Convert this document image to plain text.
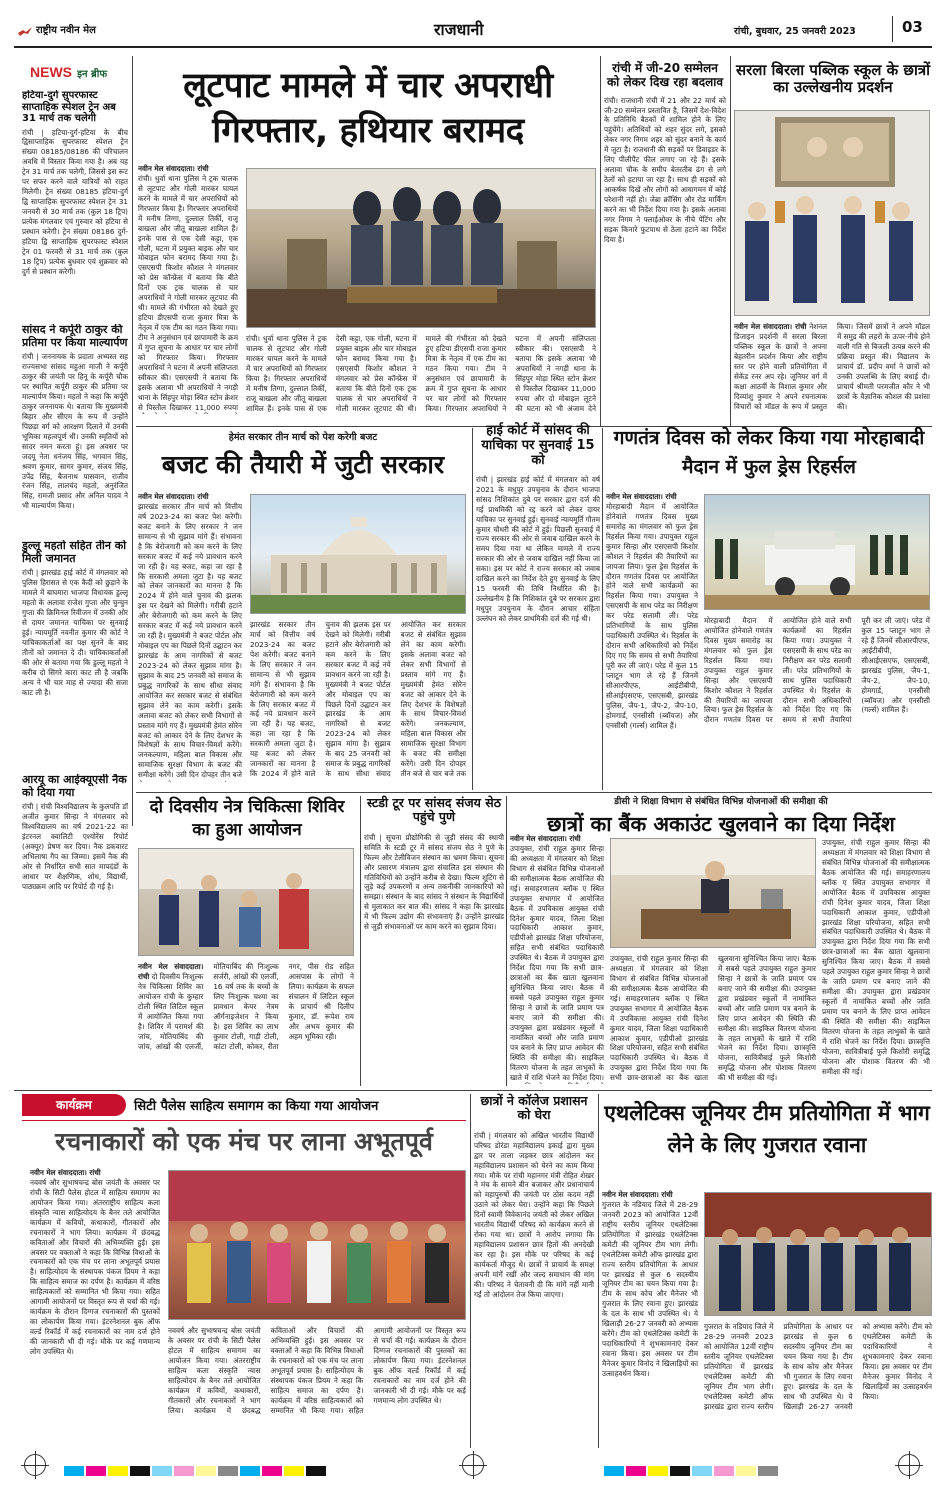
राष्ट्रीय नवीन मेल	राजधानी	रांची, बुधवार, 25 जनवरी 2023	03
NEWS इन ब्रीफ
हटिया-दुर्ग सुपरफास्ट साप्ताहिक स्पेशल ट्रेन अब 31 मार्च तक चलेगी
रांची | हटिया-दुर्ग-हटिया के बीच द्विसाप्ताहिक सुपरफास्ट स्पेशल ट्रेन संख्या 08185/08186 की परिचालन अवधि में विस्तार किया गया है। अब यह ट्रेन 31 मार्च तक चलेगी, जिससे इस रूट पर सफर करने वाले यात्रियों को राहत मिलेगी। ट्रेन संख्या 08185 हटिया-दुर्ग द्वि साप्ताहिक सुपरफास्ट स्पेशल ट्रेन 31 जनवरी से 30 मार्च तक (कुल 18 ट्रिप) प्रत्येक मंगलवार एवं गुरुवार को हटिया से प्रस्थान करेगी। ट्रेन संख्या 08186 दुर्ग-हटिया द्वि साप्ताहिक सुपरफास्ट स्पेशल ट्रेन 01 फरवरी से 31 मार्च तक (कुल 18 ट्रिप) प्रत्येक बुधवार एवं शुक्रवार को दुर्ग से प्रस्थान करेगी।
सांसद ने कर्पूरी ठाकुर की प्रतिमा पर किया माल्यार्पण
रांची | जननायक के प्रदाता अभ्यस्त सह राज्यसभा सांसद महुआ माजी ने कर्पूरी ठाकुर की जयंती पर हिनू के कर्पूरी चौक पर स्थापित कर्पूरी ठाकुर की प्रतिमा पर माल्यार्पण किया। महतो ने कहा कि कर्पूरी ठाकुर जननायक थे। बताया कि मुख्यमंत्री बिहार और सीएम के रूप में उन्होंने पिछड़ा वर्ग को आरक्षण दिलाने में उनकी भूमिका महत्वपूर्ण थी। उनकी स्मृतियों को सादर नमन करता हूं। इस अवसर पर जदयू नेता धनंजय सिंह, भगवान सिंह, श्रवण कुमार, सागर कुमार, संजय सिंह, उपेंद्र सिंह, बैजनाथ पासवान, राजीव रंजन सिंह, लालचंद महतो, अनुरंजित सिंह, रामजी प्रसाद और अनिल यादव ने भी माल्यार्पण किया।
डुल्लू महतो सहित तीन को मिली जमानत
रांची | झारखंड हाई कोर्ट में मंगलवार को पुलिस हिरासत से एक कैदी को छुड़ाने के मामले में बाघमारा भाजपा विधायक डुल्लू महतो के अलावा राजेश गुप्ता और चुन्चुन गुप्ता की क्रिमिनल रिवीजन में उनकी ओर से दायर जमानत याचिका पर सुनवाई हुई। न्यायमूर्ति नवनीत कुमार की कोर्ट ने याचिकाकर्ताओं का पक्ष सुनने के बाद तीनों को जमानत दे दी। याचिकाकर्ताओं की ओर से बताया गया कि डुल्लू महतो ने करीब दो सिगरे कारा काट ली है जबकि अन्य ने भी चार माह से ज्यादा की सजा काट ली है।
आरयू का आईक्यूएसी नैक को दिया गया
रांची | रांची विश्वविद्यालय के कुलपति डॉ अजीत कुमार सिन्हा ने मंगलवार को विश्वविद्यालय का वर्ष 2021-22 का इंटरनल क्वालिटी एश्योरेंस रिपोर्ट (अक्यूर) प्रेषण कर दिया। नैक डकवारट अभिलाषा गैप का जिम्मा। इसमें नैक की ओर से निर्धारित सभी सात मापदंडों के आधार पर शैक्षणिक, शोध, विद्यार्थी, पाठ्यक्रम आदि पर रिपोर्ट दी गई है।
लूटपाट मामले में चार अपराधी गिरफ्तार, हथियार बरामद
नवीन मेल संवाददाता। रांची
रांची। धुर्वा थाना पुलिस ने ट्रक चालक से लूटपाट और गोली मारकर घायल करने के मामले में चार अपराधियों को गिरफ्तार किया है। गिरफ्तार अपराधियों में मनीष तिग्गा, दुल्लाल तिर्की, राजू बाखला और जीतू बाखला शामिल हैं। इनके पास से एक देसी कट्टा, एक गोली, घटना में प्रयुक्त बाइक और चार मोबाइल फोन बरामद किया गया है। एसएसपी किशोर कौशल ने मंगलवार को प्रेस कॉन्फ्रेंस में बताया कि बीते दिनों एक ट्रक चालक से चार अपराधियों ने गोली मारकर लूटपाट की थी। मामले की गंभीरता को देखते हुए हटिया डीएसपी राजा कुमार मित्रा के नेतृत्व में एक टीम का गठन किया गया। टीम ने अनुसंधान एवं छापामारी के क्रम में गुप्त सूचना के आधार पर चार लोगों को गिरफ्तार किया। गिरफ्तार अपराधियों ने घटना में अपनी संलिप्तता स्वीकार की। एसएसपी ने बताया कि इसके अलावा भी अपराधियों ने नगड़ी थाना के सिंहपुर मोड़ा स्थित स्टोन क्रेशर से पिस्तौल दिखाकर 11,000 रुपया
रांची। धुर्वा थाना पुलिस ने ट्रक चालक से लूटपाट और गोली मारकर घायल करने के मामले में चार अपराधियों को गिरफ्तार किया है। गिरफ्तार अपराधियों में मनीष तिग्गा, दुल्लाल तिर्की, राजू बाखला और जीतू बाखला शामिल हैं। इनके पास से एक देसी कट्टा, एक गोली, घटना में प्रयुक्त बाइक और चार मोबाइल फोन बरामद किया गया है। एसएसपी किशोर कौशल ने मंगलवार को प्रेस कॉन्फ्रेंस में बताया कि बीते दिनों एक ट्रक चालक से चार अपराधियों ने गोली मारकर लूटपाट की थी। मामले की गंभीरता को देखते हुए हटिया डीएसपी राजा कुमार मित्रा के नेतृत्व में एक टीम का गठन किया गया। टीम ने अनुसंधान एवं छापामारी के क्रम में गुप्त सूचना के आधार पर चार लोगों को गिरफ्तार किया। गिरफ्तार अपराधियों ने घटना में अपनी संलिप्तता स्वीकार की। एसएसपी ने बताया कि इसके अलावा भी अपराधियों ने नगड़ी थाना के सिंहपुर मोड़ा स्थित स्टोन क्रेशर से पिस्तौल दिखाकर 11,000 रुपया और दो मोबाइल लूटने की घटना को भी अंजाम देने
रांची में जी-20 सम्मेलन को लेकर दिख रहा बदलाव
रांची। राजधानी रांची में 21 और 22 मार्च को जी-20 सम्मेलन प्रस्तावित है, जिसमें देश-विदेश के प्रतिनिधि बैठकों में शामिल होने के लिए पहुंचेंगे। अतिथियों को शहर सुंदर लगे, इसको लेकर नगर निगम शहर को सुंदर बनाने के कार्य में जुटा है। राजधानी की सड़कों पर डिवाइडर के लिए पीलीपैंट फील लगाए जा रहे हैं। इसके अलावा चौक के समीप बेतरतीब ढंग से लगे ठेलों को हटाया जा रहा है। साथ ही सड़कों को आकर्षक दिखें और लोगों को आवागमन में कोई परेशानी नहीं हो। जेब्रा क्रॉसिंग और रोड मार्किंग करने का भी निर्देश दिया गया है। इसके अलावा नगर निगम ने फ्लाईओवर के नीचे पेंटिंग और सड़क किनारे फुटपाथ से ठेला हटाने का निर्देश दिया है।
सरला बिरला पब्लिक स्कूल के छात्रों का उल्लेखनीय प्रदर्शन
नवीन मेल संवाददाता। रांची नेशनल डिजाइन प्रदर्शनी में सरला बिरला पब्लिक स्कूल के छात्रों ने अपना बेहतरीन प्रदर्शन किया और राष्ट्रीय स्तर पर होने वाली प्रतियोगिता में सेकेंड रनर अप रहे। जूनियर वर्ग में कक्षा आठवीं के विशाल कुमार और दिव्यांशु कुमार ने अपने रचनात्मक विचारों को मॉडल के रूप में प्रस्तुत किया। जिसमें छात्रों ने अपने मॉडल में समुद्र की लहरों के ऊपर-नीचे होने वाली गति से बिजली उत्पन्न करने की प्रक्रिया प्रस्तुत की। विद्यालय के प्राचार्य डॉ. प्रदीप वर्मा ने छात्रों को उनकी उपलब्धि के लिए बधाई दी। प्राचार्य श्रीमती परमजीत कौर ने भी छात्रों के वैज्ञानिक कौशल की प्रशंसा की।
हेमंत सरकार तीन मार्च को पेश करेगी बजट
बजट की तैयारी में जुटी सरकार
नवीन मेल संवाददाता। रांची
झारखंड सरकार तीन मार्च को वित्तीय वर्ष 2023-24 का बजट पेश करेगी। बजट बनाने के लिए सरकार ने जन सामान्य से भी सुझाव मांगे हैं। संभावना है कि बेरोजगारी को कम करने के लिए सरकार बजट में कई नये प्रावधान करने जा रही है। यह बजट, कहा जा रहा है कि सरकारी अमला जुटा है। यह बजट को लेकर जानकारों का मानना है कि 2024 में होने वाले चुनाव की झलक इस पर देखने को मिलेगी। गरीबी हटाने और बेरोजगारी को कम करने के लिए सरकार बजट में कई नये प्रावधान करने जा रही है। मुख्यमंत्री ने बजट पोर्टल और मोबाइल एप का पिछले दिनों उद्घाटन कर झारखंड के आम नागरिकों से बजट 2023-24 को लेकर सुझाव मांगा है। सुझाव के बाद 25 जनवरी को समाज के प्रबुद्ध नागरिकों के साथ सीधा संवाद आयोजित कर सरकार बजट से संबंधित सुझाव लेने का काम करेगी। इसके अलावा बजट को लेकर सभी विभागों से प्रस्ताव मांगे गए हैं। मुख्यमंत्री हेमंत सोरेन बजट को आकार देने के लिए देशभर के विशेषज्ञों के साथ विचार-विमर्श करेंगे। जनकल्याण, महिला बाल विकास और सामाजिक सुरक्षा विभाग के बजट की समीक्षा करेंगे। उसी दिन दोपहर तीन बजे
झारखंड सरकार तीन मार्च को वित्तीय वर्ष 2023-24 का बजट पेश करेगी। बजट बनाने के लिए सरकार ने जन सामान्य से भी सुझाव मांगे हैं। संभावना है कि बेरोजगारी को कम करने के लिए सरकार बजट में कई नये प्रावधान करने जा रही है। यह बजट, कहा जा रहा है कि सरकारी अमला जुटा है। यह बजट को लेकर जानकारों का मानना है कि 2024 में होने वाले चुनाव की झलक इस पर देखने को मिलेगी। गरीबी हटाने और बेरोजगारी को कम करने के लिए सरकार बजट में कई नये प्रावधान करने जा रही है। मुख्यमंत्री ने बजट पोर्टल और मोबाइल एप का पिछले दिनों उद्घाटन कर झारखंड के आम नागरिकों से बजट 2023-24 को लेकर सुझाव मांगा है। सुझाव के बाद 25 जनवरी को समाज के प्रबुद्ध नागरिकों के साथ सीधा संवाद आयोजित कर सरकार बजट से संबंधित सुझाव लेने का काम करेगी। इसके अलावा बजट को लेकर सभी विभागों से प्रस्ताव मांगे गए हैं। मुख्यमंत्री हेमंत सोरेन बजट को आकार देने के लिए देशभर के विशेषज्ञों के साथ विचार-विमर्श करेंगे। जनकल्याण, महिला बाल विकास और सामाजिक सुरक्षा विभाग के बजट की समीक्षा करेंगे। उसी दिन दोपहर तीन बजे से चार बजे तक
हाई कोर्ट में सांसद की याचिका पर सुनवाई 15 को
रांची | झारखंड हाई कोर्ट में मंगलवार को वर्ष 2021 के मधुपुर उपचुनाव के दौरान भाजपा सांसद निशिकांत दुबे पर सरकार द्वारा दर्ज की गई प्राथमिकी को रद्द करने को लेकर दायर याचिका पर सुनवाई हुई। सुनवाई न्यायमूर्ति गौतम कुमार चौधरी की कोर्ट में हुई। पिछली सुनवाई में राज्य सरकार की ओर से जवाब दाखिल करने के समय दिया गया था लेकिन मामले में राज्य सरकार की ओर से जवाब दाखिल नहीं किया जा सका। इस पर कोर्ट ने राज्य सरकार को जवाब दाखिल करने का निर्देश देते हुए सुनवाई के लिए 15 फरवरी की तिथि निर्धारित की है। उल्लेखनीय है कि निशिकांत दुबे पर सरकार द्वारा मधुपुर उपचुनाव के दौरान आचार संहिता उल्लंघन को लेकर प्राथमिकी दर्ज की गई थी।
गणतंत्र दिवस को लेकर किया गया मोरहाबादी मैदान में फुल ड्रेस रिहर्सल
नवीन मेल संवाददाता। रांची
मोरहाबादी मैदान में आयोजित होनेवाले गणतंत्र दिवस मुख्य समारोह का मंगलवार को फुल ड्रेस रिहर्सल किया गया। उपायुक्त राहुल कुमार सिन्हा और एसएसपी किशोर कौशल ने रिहर्सल की तैयारियों का जायजा लिया। फुल ड्रेस रिहर्सल के दौरान गणतंत्र दिवस पर आयोजित होने वाले सभी कार्यक्रमों का रिहर्सल किया गया। उपायुक्त ने एसएसपी के साथ परेड का निरीक्षण कर परेड सलामी ली। परेड प्रतिभागियों के साथ पुलिस पदाधिकारी उपस्थित थे। रिहर्सल के दौरान सभी अधिकारियों को निर्देश दिए गए कि समय से सभी तैयारियां पूरी कर ली जाएं। परेड में कुल 15 प्लाटून भाग ले रहे हैं जिनमें सीआरपीएफ, आईटीबीपी, सीआईएसएफ, एसएसबी, झारखंड पुलिस, जैप-1, जैप-2, जैप-10, होमगार्ड, एनसीसी (ब्वॉयज) और एनसीसी (गर्ल्स) शामिल हैं।
मोरहाबादी मैदान में आयोजित होनेवाले गणतंत्र दिवस मुख्य समारोह का मंगलवार को फुल ड्रेस रिहर्सल किया गया। उपायुक्त राहुल कुमार सिन्हा और एसएसपी किशोर कौशल ने रिहर्सल की तैयारियों का जायजा लिया। फुल ड्रेस रिहर्सल के दौरान गणतंत्र दिवस पर आयोजित होने वाले सभी कार्यक्रमों का रिहर्सल किया गया। उपायुक्त ने एसएसपी के साथ परेड का निरीक्षण कर परेड सलामी ली। परेड प्रतिभागियों के साथ पुलिस पदाधिकारी उपस्थित थे। रिहर्सल के दौरान सभी अधिकारियों को निर्देश दिए गए कि समय से सभी तैयारियां पूरी कर ली जाएं। परेड में कुल 15 प्लाटून भाग ले रहे हैं जिनमें सीआरपीएफ, आईटीबीपी, सीआईएसएफ, एसएसबी, झारखंड पुलिस, जैप-1, जैप-2, जैप-10, होमगार्ड, एनसीसी (ब्वॉयज) और एनसीसी (गर्ल्स) शामिल हैं।
दो दिवसीय नेत्र चिकित्सा शिविर का हुआ आयोजन
नवीन मेल संवाददाता। रांची दो दिवसीय निःशुल्क नेत्र चिकित्सा शिविर का आयोजन रांची के कुम्हार टोली स्थित लिटिल स्कूल में आयोजित किया गया है। शिविर में परामर्श की जांच, मोतियाबिंद की जांच, आंखों की एलर्जी, मोतियाबिंद की निःशुल्क सर्जरी, आंखों की एलर्जी, 16 वर्ष तक के बच्चों के लिए निःशुल्क चश्मा का प्रावधान केयर नेत्रम ऑर्गनाइजेशन ने किया है। इस शिविर का लाभ कुमार टोली, गाड़ी टोली, कांटा टोली, कोकर, रीता नगर, पीस रोड सहित आसपास के लोगों ने लिया। कार्यक्रम के सफल संचालन में लिटिल स्कूल के प्राचार्य श्री दिलीप कुमार, डॉ. रूपेश राय और अभय कुमार की अहम भूमिका रही।
स्टडी टूर पर सांसद संजय सेठ पहुंचे पुणे
रांची | सूचना प्रौद्योगिकी से जुड़ी संसद की स्थायी समिति के स्टडी टूर में सांसद संजय सेठ ने पुणे के फिल्म और टेलीविजन संस्थान का भ्रमण किया। सूचना और प्रसारण मंत्रालय द्वारा संचालित इस संस्थान की गतिविधियों को उन्होंने करीब से देखा। फिल्म शूटिंग से जुड़े कई उपकरणों व अन्य तकनीकी जानकारियों को समझा। संस्थान के बाद सांसद ने संस्थान के विद्यार्थियों से मुलाकात कर बात की। सांसद ने कहा कि झारखंड में भी फिल्म उद्योग की संभावनाएं हैं। उन्होंने झारखंड से जुड़ी संभावनाओं पर काम करने का सुझाव दिया।
डीसी ने शिक्षा विभाग से संबंधित विभिन्न योजनाओं की समीक्षा की
छात्रों का बैंक अकाउंट खुलवाने का दिया निर्देश
नवीन मेल संवाददाता। रांची
उपायुक्त, रांची राहुल कुमार सिन्हा की अध्यक्षता में मंगलवार को शिक्षा विभाग से संबंधित विभिन्न योजनाओं की समीक्षात्मक बैठक आयोजित की गई। समाहरणालय ब्लॉक ए स्थित उपायुक्त सभागार में आयोजित बैठक में उपविकास आयुक्त रांची दिनेश कुमार यादव, जिला शिक्षा पदाधिकारी आकाश कुमार, एडीपीओ झारखंड शिक्षा परियोजना, सहित सभी संबंधित पदाधिकारी उपस्थित थे। बैठक में उपायुक्त द्वारा निर्देश दिया गया कि सभी छात्र-छात्राओं का बैंक खाता खुलवाना सुनिश्चित किया जाए। बैठक में सबसे पहले उपायुक्त राहुल कुमार सिन्हा ने छात्रों के जाति प्रमाण पत्र बनाए जाने की समीक्षा की। उपायुक्त द्वारा प्रखंडवार स्कूलों में नामांकित बच्चों और जाति प्रमाण पत्र बनाने के लिए प्राप्त आवेदन की स्थिति की समीक्षा की। साइकिल वितरण योजना के तहत लाभुकों के खाते में राशि भेजने का निर्देश दिया।
उपायुक्त, रांची राहुल कुमार सिन्हा की अध्यक्षता में मंगलवार को शिक्षा विभाग से संबंधित विभिन्न योजनाओं की समीक्षात्मक बैठक आयोजित की गई। समाहरणालय ब्लॉक ए स्थित उपायुक्त सभागार में आयोजित बैठक में उपविकास आयुक्त रांची दिनेश कुमार यादव, जिला शिक्षा पदाधिकारी आकाश कुमार, एडीपीओ झारखंड शिक्षा परियोजना, सहित सभी संबंधित पदाधिकारी उपस्थित थे। बैठक में उपायुक्त द्वारा निर्देश दिया गया कि सभी छात्र-छात्राओं का बैंक खाता खुलवाना सुनिश्चित किया जाए। बैठक में सबसे पहले उपायुक्त राहुल कुमार सिन्हा ने छात्रों के जाति प्रमाण पत्र बनाए जाने की समीक्षा की। उपायुक्त द्वारा प्रखंडवार स्कूलों में नामांकित बच्चों और जाति प्रमाण पत्र बनाने के लिए प्राप्त आवेदन की स्थिति की समीक्षा की। साइकिल वितरण योजना के तहत लाभुकों के खाते में राशि भेजने का निर्देश दिया। छात्रवृत्ति योजना, सावित्रीबाई फुले किशोरी समृद्धि योजना और पोशाक वितरण की भी समीक्षा की गई।
उपायुक्त, रांची राहुल कुमार सिन्हा की अध्यक्षता में मंगलवार को शिक्षा विभाग से संबंधित विभिन्न योजनाओं की समीक्षात्मक बैठक आयोजित की गई। समाहरणालय ब्लॉक ए स्थित उपायुक्त सभागार में आयोजित बैठक में उपविकास आयुक्त रांची दिनेश कुमार यादव, जिला शिक्षा पदाधिकारी आकाश कुमार, एडीपीओ झारखंड शिक्षा परियोजना, सहित सभी संबंधित पदाधिकारी उपस्थित थे। बैठक में उपायुक्त द्वारा निर्देश दिया गया कि सभी छात्र-छात्राओं का बैंक खाता खुलवाना सुनिश्चित किया जाए। बैठक में सबसे पहले उपायुक्त राहुल कुमार सिन्हा ने छात्रों के जाति प्रमाण पत्र बनाए जाने की समीक्षा की। उपायुक्त द्वारा प्रखंडवार स्कूलों में नामांकित बच्चों और जाति प्रमाण पत्र बनाने के लिए प्राप्त आवेदन की स्थिति की समीक्षा की। साइकिल वितरण योजना के तहत लाभुकों के खाते में राशि भेजने का निर्देश दिया। छात्रवृत्ति योजना, सावित्रीबाई फुले किशोरी समृद्धि योजना और पोशाक वितरण की भी समीक्षा की गई।
कार्यक्रम	सिटी पैलेस साहित्य समागम का किया गया आयोजन
रचनाकारों को एक मंच पर लाना अभूतपूर्व
नवीन मेल संवाददाता। रांची
नववर्ष और सुभाषचन्द्र बोस जयंती के अवसर पर रांची के सिटी पैलेस होटल में साहित्य समागम का आयोजन किया गया। अंतरराष्ट्रीय साहित्य कला संस्कृति न्यास साहित्योदय के बैनर तले आयोजित कार्यक्रम में कवियों, कथाकारों, गीतकारों और रचनाकारों ने भाग लिया। कार्यक्रम में छंदबद्ध कविताओं और विचारों की अभिव्यक्ति हुई। इस अवसर पर वक्ताओं ने कहा कि विभिन्न विधाओं के रचनाकारों को एक मंच पर लाना अभूतपूर्व प्रयास है। साहित्योदय के संस्थापक पंकज प्रियम ने कहा कि साहित्य समाज का दर्पण है। कार्यक्रम में वरिष्ठ साहित्यकारों को सम्मानित भी किया गया। सहित आगामी आयोजनों पर विस्तृत रूप से चर्चा की गई। कार्यक्रम के दौरान दिग्गज रचनाकारों की पुस्तकों का लोकार्पण किया गया। इंटरनेशनल बुक ऑफ वर्ल्ड रिकॉर्ड में कई रचनाकारों का नाम दर्ज होने की जानकारी भी दी गई। मौके पर कई गणमान्य लोग उपस्थित थे।
नववर्ष और सुभाषचन्द्र बोस जयंती के अवसर पर रांची के सिटी पैलेस होटल में साहित्य समागम का आयोजन किया गया। अंतरराष्ट्रीय साहित्य कला संस्कृति न्यास साहित्योदय के बैनर तले आयोजित कार्यक्रम में कवियों, कथाकारों, गीतकारों और रचनाकारों ने भाग लिया। कार्यक्रम में छंदबद्ध कविताओं और विचारों की अभिव्यक्ति हुई। इस अवसर पर वक्ताओं ने कहा कि विभिन्न विधाओं के रचनाकारों को एक मंच पर लाना अभूतपूर्व प्रयास है। साहित्योदय के संस्थापक पंकज प्रियम ने कहा कि साहित्य समाज का दर्पण है। कार्यक्रम में वरिष्ठ साहित्यकारों को सम्मानित भी किया गया। सहित आगामी आयोजनों पर विस्तृत रूप से चर्चा की गई। कार्यक्रम के दौरान दिग्गज रचनाकारों की पुस्तकों का लोकार्पण किया गया। इंटरनेशनल बुक ऑफ वर्ल्ड रिकॉर्ड में कई रचनाकारों का नाम दर्ज होने की जानकारी भी दी गई। मौके पर कई गणमान्य लोग उपस्थित थे।
छात्रों ने कॉलेज प्रशासन को घेरा
रांची | मंगलवार को अखिल भारतीय विद्यार्थी परिषद डोरंडा महाविद्यालय इकाई द्वारा मुख्य द्वार पर ताला जड़कर छात्र आंदोलन कर महाविद्यालय प्रशासन को घेरने का काम किया गया। मौके पर रांची महानगर मंत्री रोहित शेखर ने मंच के सामने बीन बजाकर और प्रधानाचार्य को महापुरुषों की जयंती पर ठोस कदम नहीं उठाने को लेकर घेरा। उन्होंने कहा कि पिछले दिनों स्वामी विवेकानंद जयंती को लेकर अखिल भारतीय विद्यार्थी परिषद को कार्यक्रम करने से रोका गया था। छात्रों ने आरोप लगाया कि महाविद्यालय प्रशासन छात्र हितों की अनदेखी कर रहा है। इस मौके पर परिषद के कई कार्यकर्ता मौजूद थे। छात्रों ने प्राचार्य के समक्ष अपनी मांगें रखीं और जल्द समाधान की मांग की। परिषद ने चेतावनी दी कि मांगें नहीं मानी गईं तो आंदोलन तेज किया जाएगा।
एथलेटिक्स जूनियर टीम प्रतियोगिता में भाग लेने के लिए गुजरात रवाना
नवीन मेल संवाददाता। रांची
गुजरात के नडियाद जिले में 28-29 जनवरी 2023 को आयोजित 12वीं राष्ट्रीय स्तरीय जूनियर एथलेटिक्स प्रतियोगिता में झारखंड एथलेटिक्स कमेटी की जूनियर टीम भाग लेगी। एथलेटिक्स कमेटी ऑफ झारखंड द्वारा राज्य स्तरीय प्रतियोगिता के आधार पर झारखंड से कुल 6 सदस्यीय जूनियर टीम का चयन किया गया है। टीम के साथ कोच और मैनेजर भी गुजरात के लिए रवाना हुए। झारखंड के दल के साथ भी उपस्थित थे। ये खिलाड़ी 26-27 जनवरी को अभ्यास करेंगे। टीम को एथलेटिक्स कमेटी के पदाधिकारियों ने शुभकामनाएं देकर रवाना किया। इस अवसर पर टीम मैनेजर कुमार विनोद ने खिलाड़ियों का उत्साहवर्धन किया।
गुजरात के नडियाद जिले में 28-29 जनवरी 2023 को आयोजित 12वीं राष्ट्रीय स्तरीय जूनियर एथलेटिक्स प्रतियोगिता में झारखंड एथलेटिक्स कमेटी की जूनियर टीम भाग लेगी। एथलेटिक्स कमेटी ऑफ झारखंड द्वारा राज्य स्तरीय प्रतियोगिता के आधार पर झारखंड से कुल 6 सदस्यीय जूनियर टीम का चयन किया गया है। टीम के साथ कोच और मैनेजर भी गुजरात के लिए रवाना हुए। झारखंड के दल के साथ भी उपस्थित थे। ये खिलाड़ी 26-27 जनवरी को अभ्यास करेंगे। टीम को एथलेटिक्स कमेटी के पदाधिकारियों ने शुभकामनाएं देकर रवाना किया। इस अवसर पर टीम मैनेजर कुमार विनोद ने खिलाड़ियों का उत्साहवर्धन किया।
